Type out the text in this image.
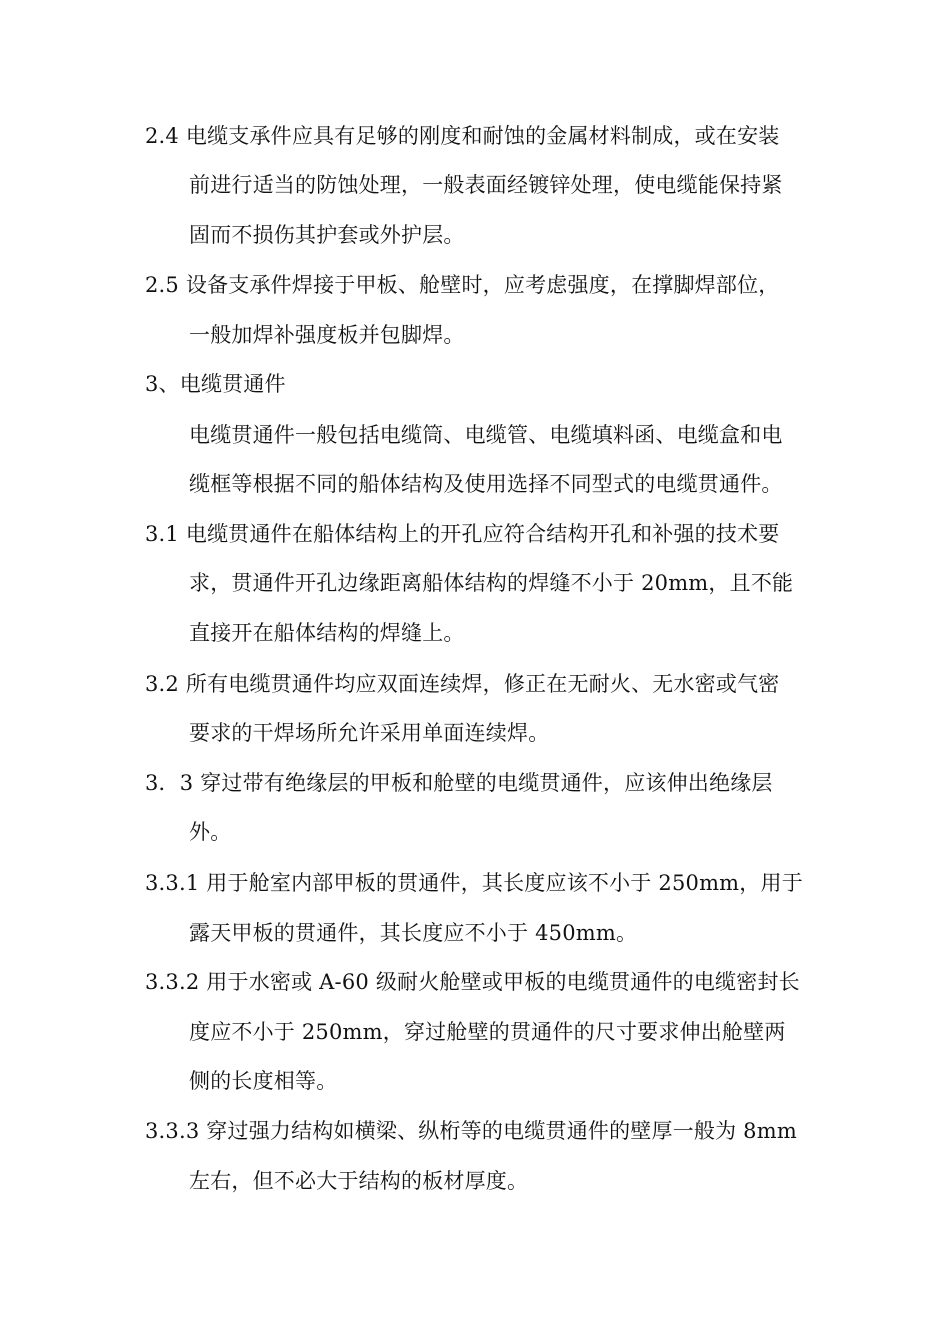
2.4 电缆支承件应具有足够的刚度和耐蚀的金属材料制成，或在安装
前进行适当的防蚀处理，一般表面经镀锌处理，使电缆能保持紧
固而不损伤其护套或外护层。
2.5 设备支承件焊接于甲板、舱壁时，应考虑强度，在撑脚焊部位，
一般加焊补强度板并包脚焊。
3、电缆贯通件
电缆贯通件一般包括电缆筒、电缆管、电缆填料函、电缆盒和电
缆框等根据不同的船体结构及使用选择不同型式的电缆贯通件。
3.1 电缆贯通件在船体结构上的开孔应符合结构开孔和补强的技术要
求，贯通件开孔边缘距离船体结构的焊缝不小于 20mm，且不能
直接开在船体结构的焊缝上。
3.2 所有电缆贯通件均应双面连续焊，修正在无耐火、无水密或气密
要求的干焊场所允许采用单面连续焊。
3．3 穿过带有绝缘层的甲板和舱壁的电缆贯通件，应该伸出绝缘层
外。
3.3.1 用于舱室内部甲板的贯通件，其长度应该不小于 250mm，用于
露天甲板的贯通件，其长度应不小于 450mm。
3.3.2 用于水密或 A-60 级耐火舱壁或甲板的电缆贯通件的电缆密封长
度应不小于 250mm，穿过舱壁的贯通件的尺寸要求伸出舱壁两
侧的长度相等。
3.3.3 穿过强力结构如横梁、纵桁等的电缆贯通件的壁厚一般为 8mm
左右，但不必大于结构的板材厚度。
